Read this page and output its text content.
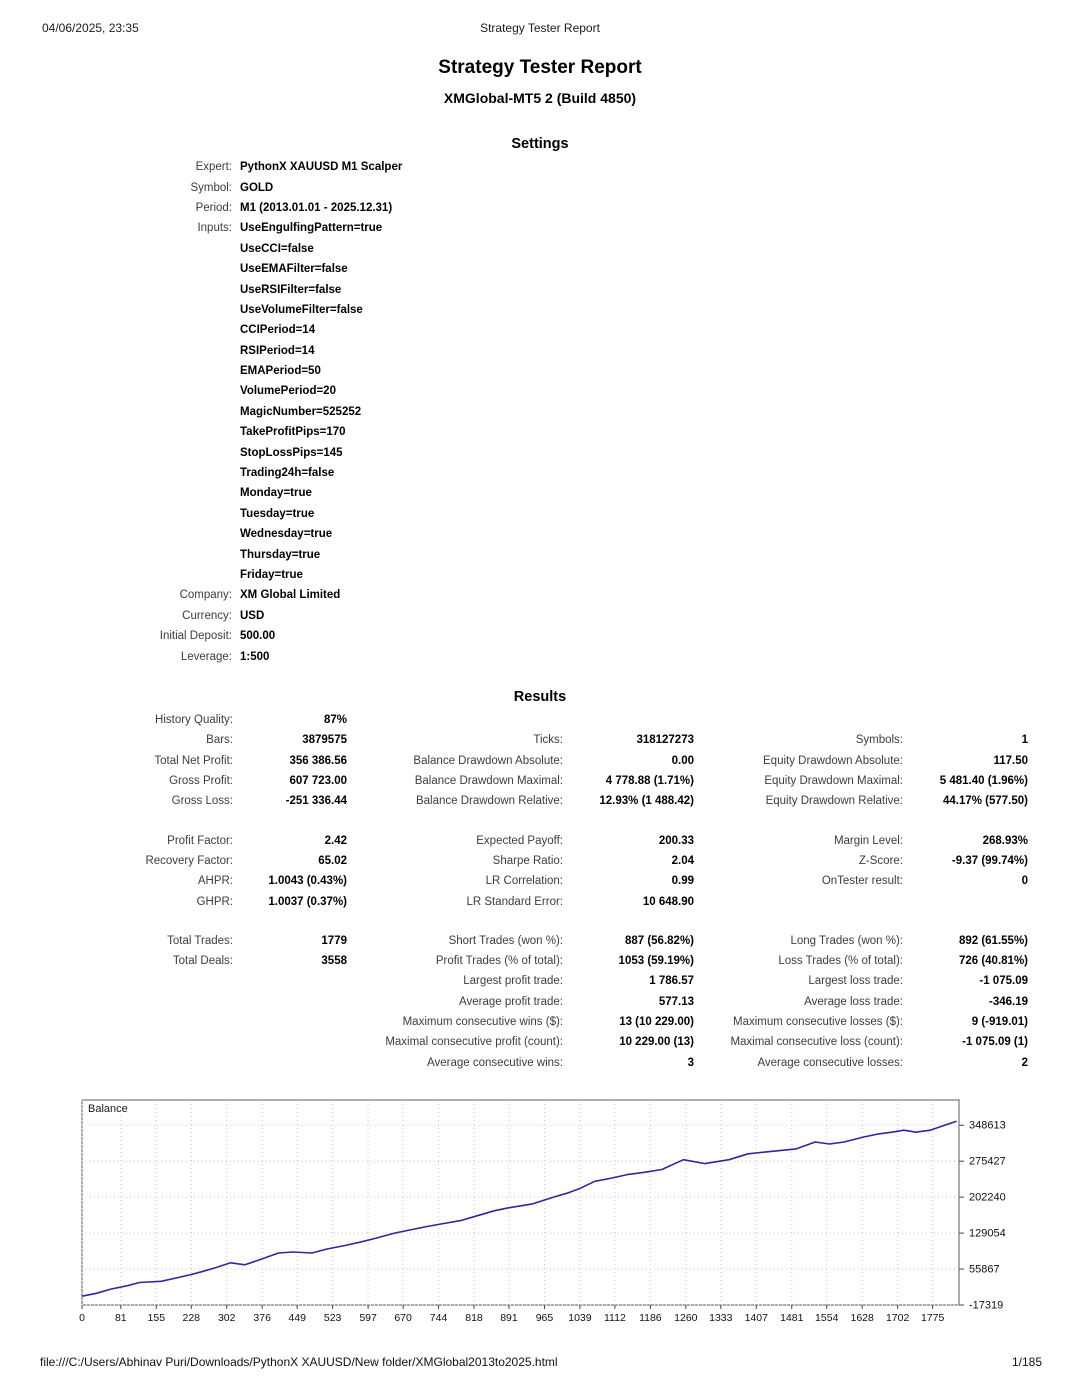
04/06/2025, 23:35	Strategy Tester Report
Strategy Tester Report
XMGlobal-MT5 2 (Build 4850)
Settings
Expert: PythonX XAUUSD M1 Scalper
Symbol: GOLD
Period: M1 (2013.01.01 - 2025.12.31)
Inputs: UseEngulfingPattern=true
UseCCI=false
UseEMAFilter=false
UseRSIFilter=false
UseVolumeFilter=false
CCIPeriod=14
RSIPeriod=14
EMAPeriod=50
VolumePeriod=20
MagicNumber=525252
TakeProfitPips=170
StopLossPips=145
Trading24h=false
Monday=true
Tuesday=true
Wednesday=true
Thursday=true
Friday=true
Company: XM Global Limited
Currency: USD
Initial Deposit: 500.00
Leverage: 1:500
Results
History Quality:	87%
Bars:	3879575	Ticks:	318127273	Symbols:	1
Total Net Profit:	356 386.56	Balance Drawdown Absolute:	0.00	Equity Drawdown Absolute:	117.50
Gross Profit:	607 723.00	Balance Drawdown Maximal:	4 778.88 (1.71%)	Equity Drawdown Maximal:	5 481.40 (1.96%)
Gross Loss:	-251 336.44	Balance Drawdown Relative:	12.93% (1 488.42)	Equity Drawdown Relative:	44.17% (577.50)
Profit Factor:	2.42	Expected Payoff:	200.33	Margin Level:	268.93%
Recovery Factor:	65.02	Sharpe Ratio:	2.04	Z-Score:	-9.37 (99.74%)
AHPR:	1.0043 (0.43%)	LR Correlation:	0.99	OnTester result:	0
GHPR:	1.0037 (0.37%)	LR Standard Error:	10 648.90
Total Trades:	1779	Short Trades (won %):	887 (56.82%)	Long Trades (won %):	892 (61.55%)
Total Deals:	3558	Profit Trades (% of total):	1053 (59.19%)	Loss Trades (% of total):	726 (40.81%)
Largest profit trade:	1 786.57	Largest loss trade:	-1 075.09
Average profit trade:	577.13	Average loss trade:	-346.19
Maximum consecutive wins ($):	13 (10 229.00)	Maximum consecutive losses ($):	9 (-919.01)
Maximal consecutive profit (count):	10 229.00 (13)	Maximal consecutive loss (count):	-1 075.09 (1)
Average consecutive wins:	3	Average consecutive losses:	2
-17319
55867
129054
202240
275427
348613
0	81 155 228 302 376 449 523 597 670 744 818 891 965 1039 1112 1186 1260 1333 1407 1481 1554 1628 1702 1775
Balance
file:///C:/Users/Abhinav Puri/Downloads/PythonX XAUUSD/New folder/XMGlobal2013to2025.html	1/185
